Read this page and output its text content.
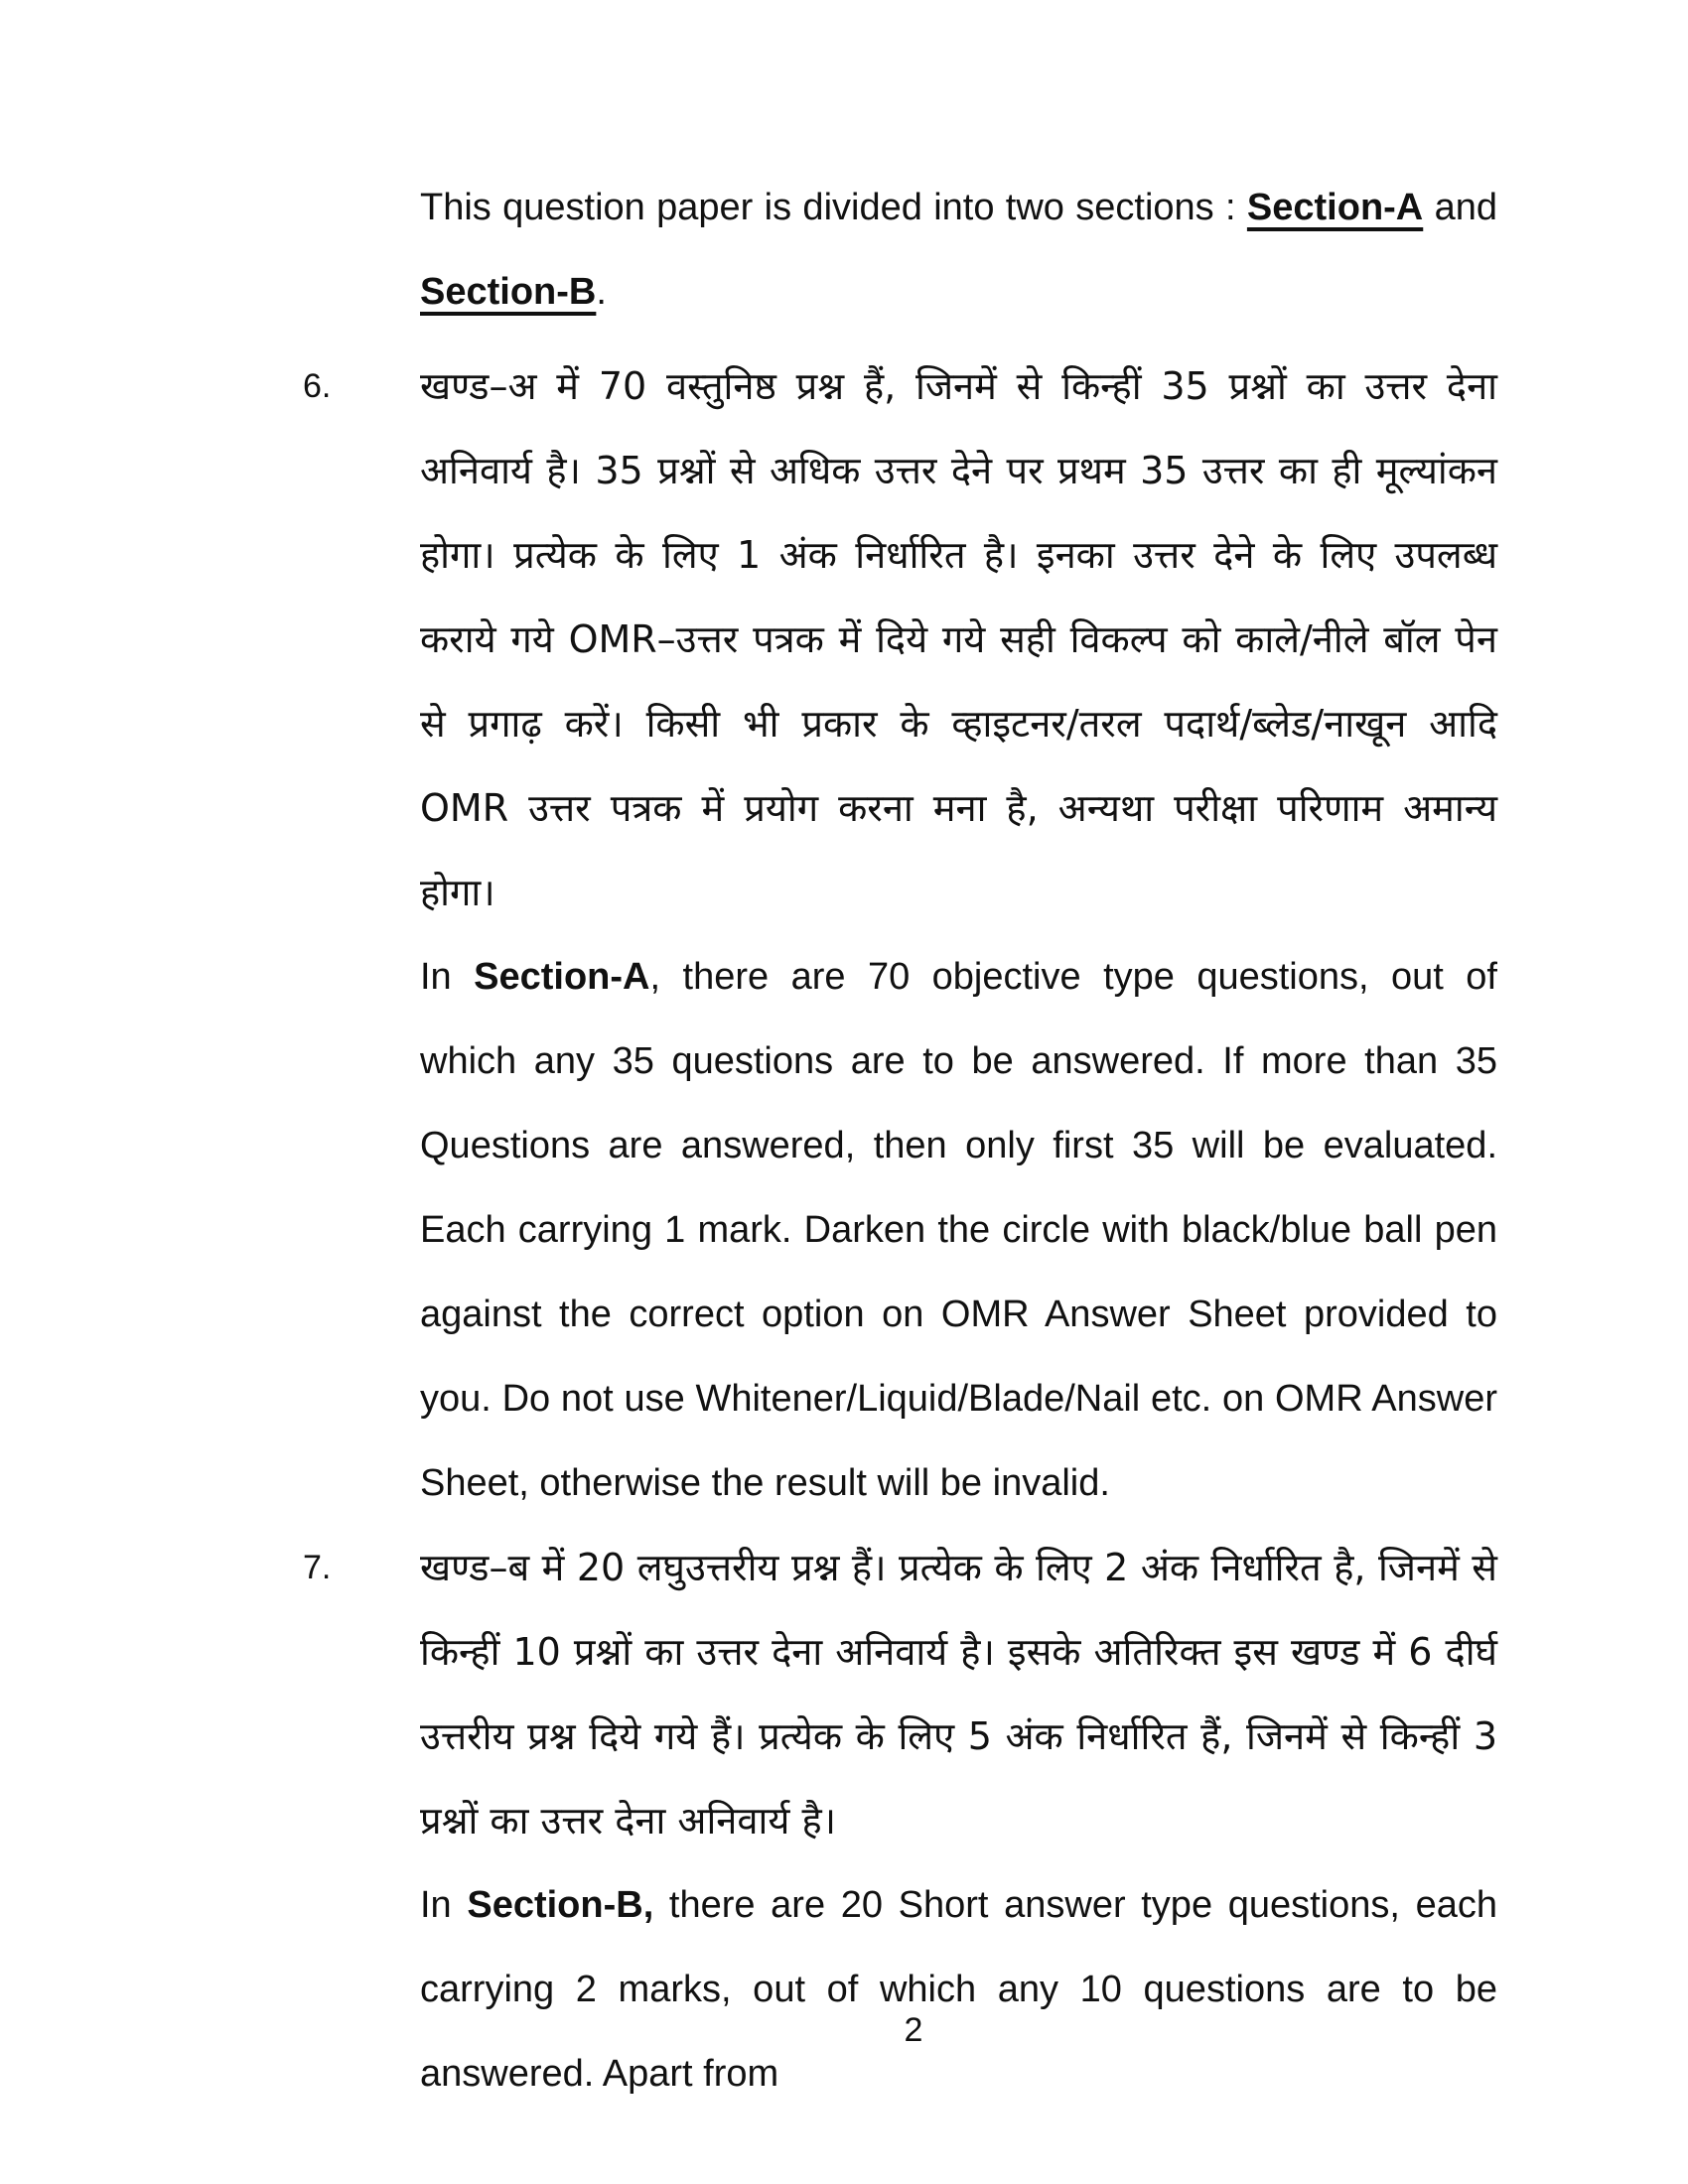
This question paper is divided into two sections : Section-A and Section-B.

6. खण्ड–अ में 70 वस्तुनिष्ठ प्रश्न हैं, जिनमें से किन्हीं 35 प्रश्नों का उत्तर देना अनिवार्य है। 35 प्रश्नों से अधिक उत्तर देने पर प्रथम 35 उत्तर का ही मूल्यांकन होगा। प्रत्येक के लिए 1 अंक निर्धारित है। इनका उत्तर देने के लिए उपलब्ध कराये गये OMR–उत्तर पत्रक में दिये गये सही विकल्प को काले/नीले बॉल पेन से प्रगाढ़ करें। किसी भी प्रकार के व्हाइटनर/तरल पदार्थ/ब्लेड/नाखून आदि OMR उत्तर पत्रक में प्रयोग करना मना है, अन्यथा परीक्षा परिणाम अमान्य होगा।

In Section-A, there are 70 objective type questions, out of which any 35 questions are to be answered. If more than 35 Questions are answered, then only first 35 will be evaluated. Each carrying 1 mark. Darken the circle with black/blue ball pen against the correct option on OMR Answer Sheet provided to you. Do not use Whitener/Liquid/Blade/Nail etc. on OMR Answer Sheet, otherwise the result will be invalid.

7. खण्ड–ब में 20 लघुउत्तरीय प्रश्न हैं। प्रत्येक के लिए 2 अंक निर्धारित है, जिनमें से किन्हीं 10 प्रश्नों का उत्तर देना अनिवार्य है। इसके अतिरिक्त इस खण्ड में 6 दीर्घ उत्तरीय प्रश्न दिये गये हैं। प्रत्येक के लिए 5 अंक निर्धारित हैं, जिनमें से किन्हीं 3 प्रश्नों का उत्तर देना अनिवार्य है।

In Section-B, there are 20 Short answer type questions, each carrying 2 marks, out of which any 10 questions are to be answered. Apart from

2
